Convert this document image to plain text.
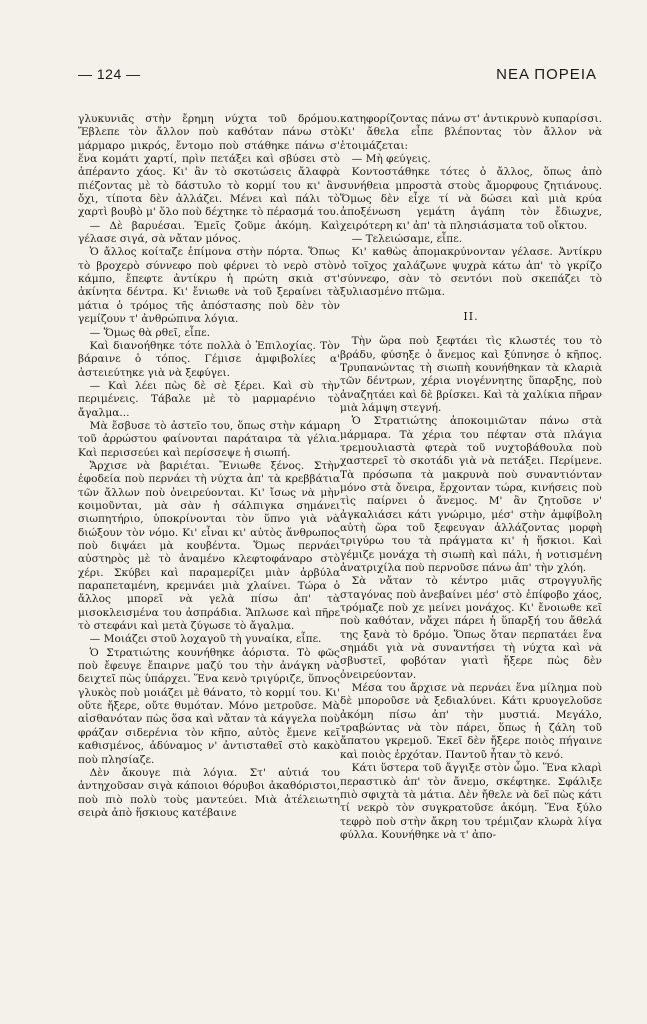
— 124 —	ΝΕΑ ΠΟΡΕΙΑ

γλυκυνιᾶς στὴν ἔρημη νύχτα τοῦ δρόμου. Ἔβλεπε τὸν ἄλλον ποὺ καθόταν πάνω στὸ μάρμαρο μικρός, ἔντομο ποὺ στάθηκε πάνω σ' ἕνα κομάτι χαρτί, πρὶν πετάξει καὶ σβύσει στὸ ἀπέραντο χάος. Κι' ἂν τὸ σκοτώσεις ἄλαφρὰ πιέζοντας μὲ τὸ δάστυλο τὸ κορμί του κι' ἂν ὄχι, τίποτα δὲν ἀλλάζει. Μένει καὶ πάλι τὸ χαρτὶ βουβὸ μ' ὅλο ποὺ δέχτηκε τὸ πέρασμά του.

— Δὲ βαρυέσαι. Ἐμεῖς ζοῦμε ἀκόμη. Καὶ γέλασε σιγά, σὰ νἄταν μόνος.

Ὁ ἄλλος κοίταζε ἐπίμονα στὴν πόρτα. Ὅπως τὸ βροχερὸ σύννεφο ποὺ φέρνει τὸ νερὸ στὸν κάμπο, ἔπεφτε ἀντίκρυ ἡ πρώτη σκιὰ στ' ἀκίνητα δέντρα. Κι' ἔνιωθε νὰ τοῦ ξεραίνει τὰ μάτια ὁ τρόμος τῆς ἀπόστασης ποὺ δὲν τὸν γεμίζουν τ' ἀνθρώπινα λόγια.

— Ὅμως θὰ ρθεῖ, εἶπε.

Καὶ διανοήθηκε τότε πολλὰ ὁ Ἐπιλοχίας. Τὸν βάραινε ὁ τόπος. Γέμισε ἀμφιβολίες α' ἀστειεύτηκε γιὰ νὰ ξεφύγει.

— Καὶ λέει πὼς δὲ σὲ ξέρει. Καὶ σὺ τὴν περιμένεις. Τάβαλε μὲ τὸ μαρμαρένιο τὸ ἄγαλμα...

Μὰ ἔσβυσε τὸ ἀστεῖο του, ὅπως στὴν κάμαρη τοῦ ἀρρώστου φαίνονται παράταιρα τὰ γέλια. Καὶ περισσεύει καὶ περίσσεψε ἡ σιωπή.

Ἄρχισε νὰ βαριέται. Ἔνιωθε ξένος. Στὴν ἐφοδεία ποὺ περνάει τὴ νύχτα ἀπ' τὰ κρεββάτια τῶν ἄλλων ποὺ ὀνειρεύονται. Κι' ἴσως νὰ μὴν κοιμοῦνται, μὰ σὰν ἡ σάλπιγκα σημάνει σιωπητήριο, ὑποκρίνονται τὸν ὕπνο γιὰ νὰ διώξουν τὸν νόμο. Κι' εἶναι κι' αὐτὸς ἄνθρωπος ποὺ διψάει μὰ κουβέντα. Ὅμως περνάει αὐστηρὸς μὲ τὸ ἀναμένο κλεφτοφάναρο στὸ χέρι. Σκύβει καὶ παραμερίζει μιὰν ἀρβύλα παραπεταμένη, κρεμνάει μιὰ χλαίνει. Τώρα ὁ ἄλλος μπορεῖ νὰ γελὰ πίσω ἀπ' τὰ μισοκλεισμένα του ἀσπράδια. Ἅπλωσε καὶ πῆρε τὸ στεφάνι καὶ μετὰ ζύγωσε τὸ ἄγαλμα.

— Μοιάζει στοῦ λοχαγοῦ τὴ γυναίκα, εἶπε.

Ὁ Στρατιώτης κουνήθηκε ἀόριστα. Τὸ φῶς ποὺ ἔφευγε ἔπαιρνε μαζύ του τὴν ἀνάγκη νὰ δειχτεῖ πὼς ὑπάρχει. Ἕνα κενὸ τριγύριζε, ὕπνος γλυκὸς ποὺ μοιάζει μὲ θάνατο, τὸ κορμί του. Κι' οὔτε ἤξερε, οὔτε θυμόταν. Μόνο μετροῦσε. Μὰ αἰσθανόταν πὼς ὅσα καὶ νἄταν τὰ κάγγελα ποὺ φράζαν σιδερένια τὸν κῆπο, αὐτὸς ἔμενε κεῖ καθισμένος, ἀδύναμος ν' ἀντισταθεῖ στὸ κακὸ ποὺ πλησίαζε.

Δὲν ἄκουγε πιὰ λόγια. Στ' αὐτιά του ἀντηχοῦσαν σιγὰ κάποιοι θόρυβοι ἀκαθόριστοι, ποὺ πιὸ πολὺ τοὺς μαντεύει. Μιὰ ἀτέλειωτη σειρὰ ἀπὸ ἥσκιους κατέβαινε

κατηφορίζοντας πάνω στ' ἀντικρυνὸ κυπαρίσσι. Κι' ἄθελα εἶπε βλέποντας τὸν ἄλλον νὰ ἑτοιμάζεται:

— Μὴ φεύγεις.

Κοντοστάθηκε τότες ὁ ἄλλος, ὅπως ἀπὸ συνήθεια μπροστὰ στοὺς ἄμορφους ζητιάνους. Ὅμως δὲν εἶχε τί νὰ δώσει καὶ μιὰ κρύα ἀποξένωση γεμάτη ἀγάπη τὸν ἔδιωχνε, χειρότερη κι' ἀπ' τὰ πλησιάσματα τοῦ οἴκτου.

— Τελειώσαμε, εἶπε.

Κι' καθὼς ἀπομακρύνονταν γέλασε. Ἀντίκρυ ὁ τοῖχος χαλάζωνε ψυχρὰ κάτω ἀπ' τὸ γκρίζο σύννεφο, σὰν τὸ σεντόνι ποὺ σκεπάζει τὸ ξυλιασμένο πτῶμα.

ΙΙ.

Τὴν ὥρα ποὺ ξεφτάει τὶς κλωστές του τὸ βράδυ, φύσηξε ὁ ἄνεμος καὶ ξύπνησε ὁ κῆπος. Τρυπανώντας τὴ σιωπὴ κουνήθηκαν τὰ κλαριὰ τῶν δέντρων, χέρια νιογέννητης ὕπαρξης, ποὺ ἀναζητάει καὶ δὲ βρίσκει. Καὶ τὰ χαλίκια πῆραν μιὰ λάμψη στεγνή.

Ὁ Στρατιώτης ἀποκοιμιῶταν πάνω στὰ μάρμαρα. Τὰ χέρια του πέφταν στὰ πλάγια τρεμουλιαστὰ φτερὰ τοῦ νυχτοβάθουλα ποὺ χαστερεῖ τὸ σκοτάδι γιὰ νὰ πετάξει. Περίμενε. Τὰ πρόσωπα τὰ μακρυνὰ ποὺ συναντιόνταν μόνο στὰ ὄνειρα, ἔρχονταν τώρα, κινήσεις ποὺ τὶς παίρνει ὁ ἄνεμος. Μ' ἂν ζητοῦσε ν' ἀγκαλιάσει κάτι γνώριμο, μέσ' στὴν ἀμφίβολη αὐτὴ ὥρα τοῦ ξεφευγαν ἀλλάζοντας μορφὴ τριγύρω του τὰ πράγματα κι' ἡ ἥσκιοι. Καὶ γέμιζε μονάχα τὴ σιωπὴ καὶ πάλι, ἡ νοτισμένη ἀνατριχίλα ποὺ περνοῦσε πάνω ἀπ' τὴν χλόη.

Σὰ νἄταν τὸ κέντρο μιᾶς στρογγυλῆς σταγόνας ποὺ ἀνεβαίνει μέσ' στὸ ἐπίφοβο χάος, τρόμαζε ποὺ χε μείνει μονάχος. Κι' ἔνοιωθε κεῖ ποὺ καθόταν, νἄχει πάρει ἡ ὕπαρξή του ἄθελά της ξανὰ τὸ δρόμο. Ὅπως ὅταν περπατάει ἕνα σημάδι γιὰ νὰ συναντήσει τὴ νύχτα καὶ νὰ σβυστεῖ, φοβόταν γιατὶ ἤξερε πὼς δὲν ὀνειρεύονταν.

Μέσα του ἄρχισε νὰ περνάει ἕνα μίλημα ποὺ δὲ μποροῦσε νὰ ξεδιαλύνει. Κάτι κρυογελοῦσε ἀκόμη πίσω ἀπ' τὴν μυστιά. Μεγάλο, τραβώντας νὰ τὸν πάρει, ὅπως ἡ ζάλη τοῦ ἄπατου γκρεμοῦ. Ἐκεῖ δὲν ἤξερε ποιὸς πήγαινε καὶ ποιὸς ἐρχόταν. Παντοῦ ἦταν τὸ κενό.

Κάτι ὕστερα τοῦ ἄγγιξε στὸν ὦμο. Ἕνα κλαρὶ περαστικὸ ἀπ' τὸν ἄνεμο, σκέφτηκε. Σφάλιξε πιὸ σφιχτὰ τὰ μάτια. Δὲν ἤθελε νὰ δεῖ πὼς κάτι τί νεκρὸ τὸν συγκρατοῦσε ἀκόμη. Ἕνα ξύλο τεφρὸ ποὺ στὴν ἄκρη του τρέμιζαν κλωρὰ λίγα φύλλα. Κουνήθηκε νὰ τ' ἀπο-
